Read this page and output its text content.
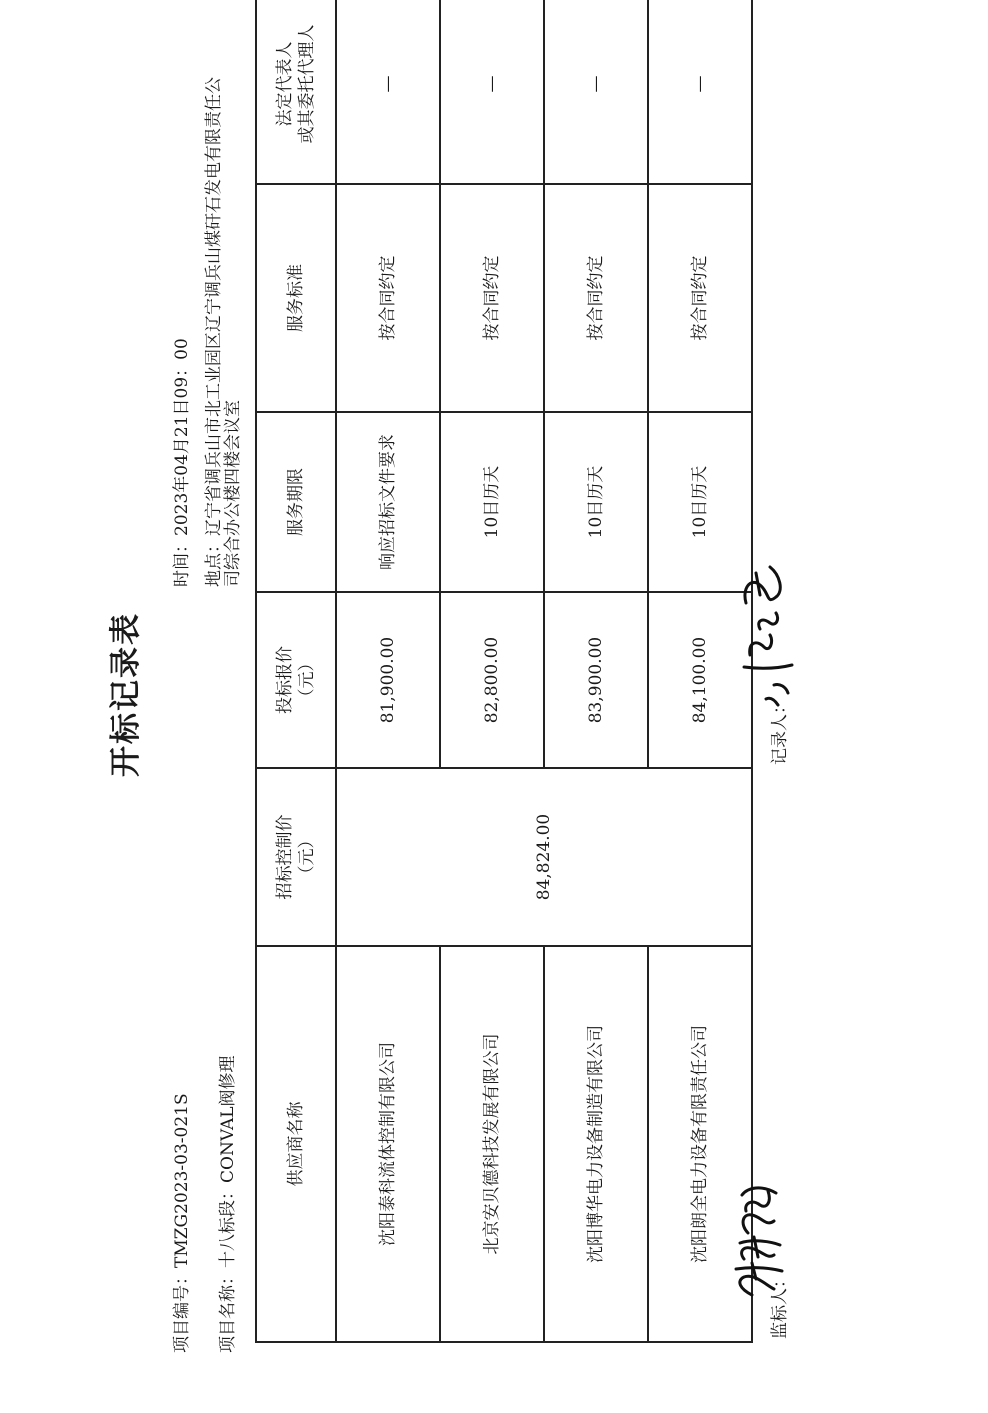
开标记录表
项目编号：TMZG2023-03-021S
项目名称：十八标段：CONVAL阀修理
时间：2023年04月21日09：00
地点：辽宁省调兵山市北工业园区辽宁调兵山煤矸石发电有限责任公司综合办公楼四楼会议室
供应商名称	招标控制价 （元）	投标报价 （元）	服务期限	服务标准	法定代表人 或其委托代理人
沈阳泰科流体控制有限公司	84,824.00	81,900.00	响应招标文件要求	按合同约定	—
北京安贝德科技发展有限公司		82,800.00	10日历天	按合同约定	—
沈阳博华电力设备制造有限公司		83,900.00	10日历天	按合同约定	—
沈阳朗全电力设备有限责任公司		84,100.00	10日历天	按合同约定	—
监标人：
记录人：
